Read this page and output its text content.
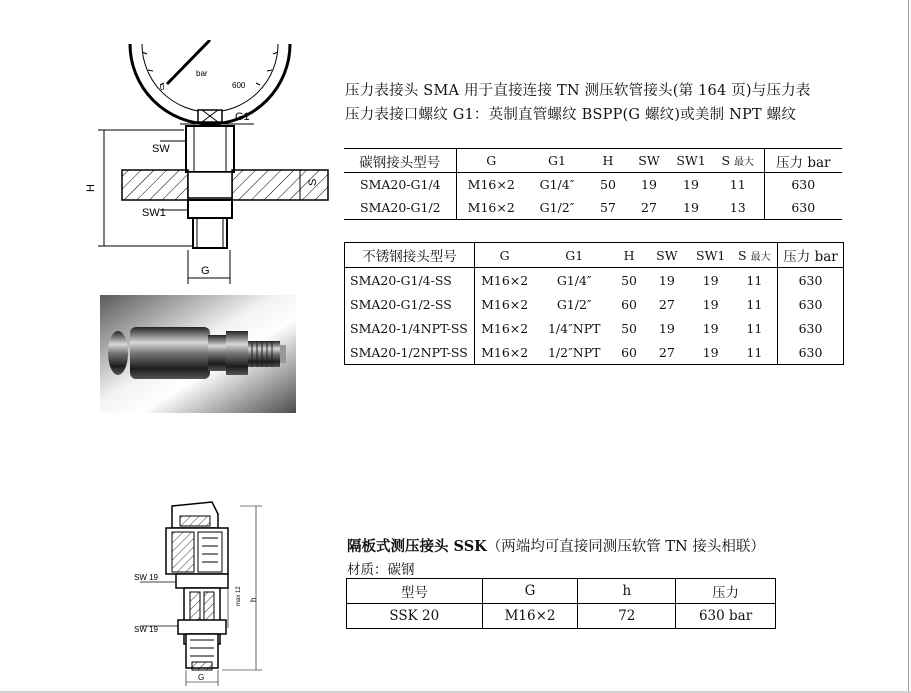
0
bar
600
G1
SW
S
SW1
H
G
压力表接头 SMA 用于直接连接 TN 测压软管接头(第 164 页)与压力表
压力表接口螺纹 G1：英制直管螺纹 BSPP(G 螺纹)或美制 NPT 螺纹
碳钢接头型号	G	G1	H	SW	SW1	S 最大	压力 bar
SMA20-G1/4	M16×2	G1/4″	50	19	19	11	630
SMA20-G1/2	M16×2	G1/2″	57	27	19	13	630
不锈钢接头型号	G	G1	H	SW	SW1	S 最大	压力 bar
SMA20-G1/4-SS	M16×2	G1/4″	50	19	19	11	630
SMA20-G1/2-SS	M16×2	G1/2″	60	27	19	11	630
SMA20-1/4NPT-SS	M16×2	1/4″NPT	50	19	19	11	630
SMA20-1/2NPT-SS	M16×2	1/2″NPT	60	27	19	11	630
SW 19
max 12
SW 19
h
G
隔板式测压接头 SSK（两端均可直接同测压软管 TN 接头相联）
材质：碳钢
型号	G	h	压力
SSK 20	M16×2	72	630 bar
